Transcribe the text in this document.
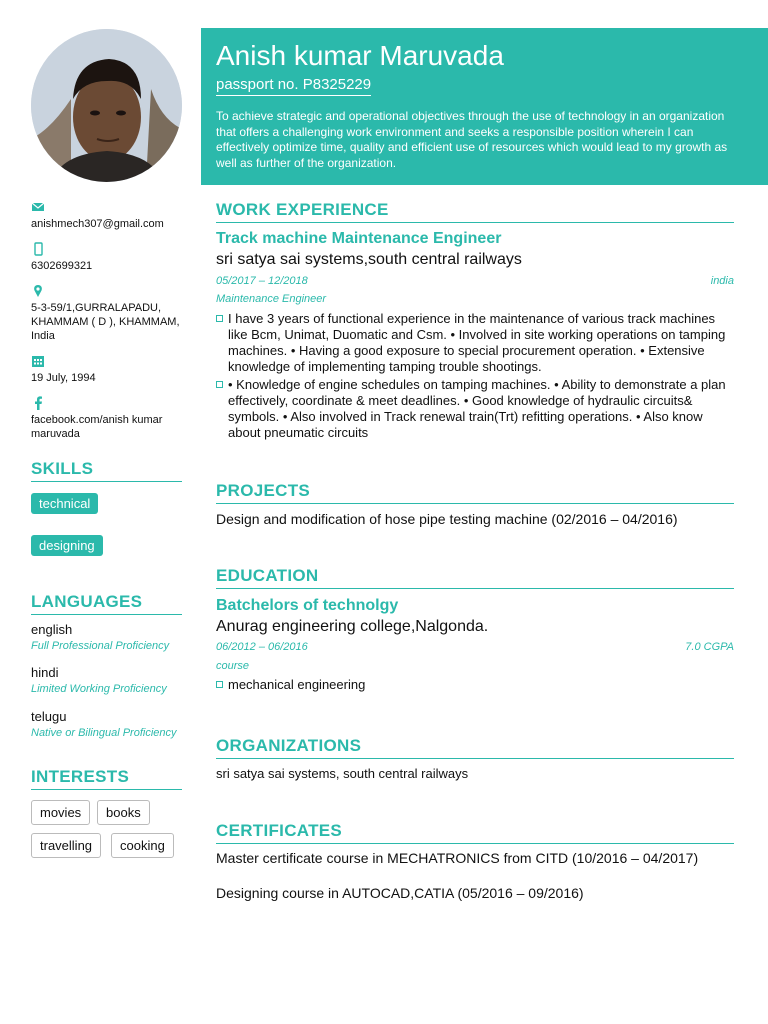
anishmech307@gmail.com
6302699321
5-3-59/1,GURRALAPADU, KHAMMAM ( D ), KHAMMAM, India
19 July, 1994
facebook.com/anish kumar maruvada
SKILLS
technical
designing
LANGUAGES
english
Full Professional Proficiency
hindi
Limited Working Proficiency
telugu
Native or Bilingual Proficiency
INTERESTS
movies	books
travelling	cooking
Anish kumar Maruvada
passport no. P8325229
To achieve strategic and operational objectives through the use of technology in an organization that offers a challenging work environment and seeks a responsible position wherein I can effectively optimize time, quality and efficient use of resources which would lead to my growth as well as further of the organization.
WORK EXPERIENCE
Track machine Maintenance Engineer
sri satya sai systems,south central railways
05/2017 – 12/2018	india
Maintenance Engineer
I have 3 years of functional experience in the maintenance of various track machines like Bcm, Unimat, Duomatic and Csm. • Involved in site working operations on tamping machines. • Having a good exposure to special procurement operation. • Extensive knowledge of implementing tamping trouble shootings.
• Knowledge of engine schedules on tamping machines. • Ability to demonstrate a plan effectively, coordinate & meet deadlines. • Good knowledge of hydraulic circuits& symbols. • Also involved in Track renewal train(Trt) refitting operations. • Also know about pneumatic circuits
PROJECTS
Design and modification of hose pipe testing machine (02/2016 – 04/2016)
EDUCATION
Batchelors of technolgy
Anurag engineering college,Nalgonda.
06/2012 – 06/2016	7.0 CGPA
course
mechanical engineering
ORGANIZATIONS
sri satya sai systems, south central railways
CERTIFICATES
Master certificate course in MECHATRONICS from CITD (10/2016 – 04/2017)
Designing course in AUTOCAD,CATIA (05/2016 – 09/2016)
